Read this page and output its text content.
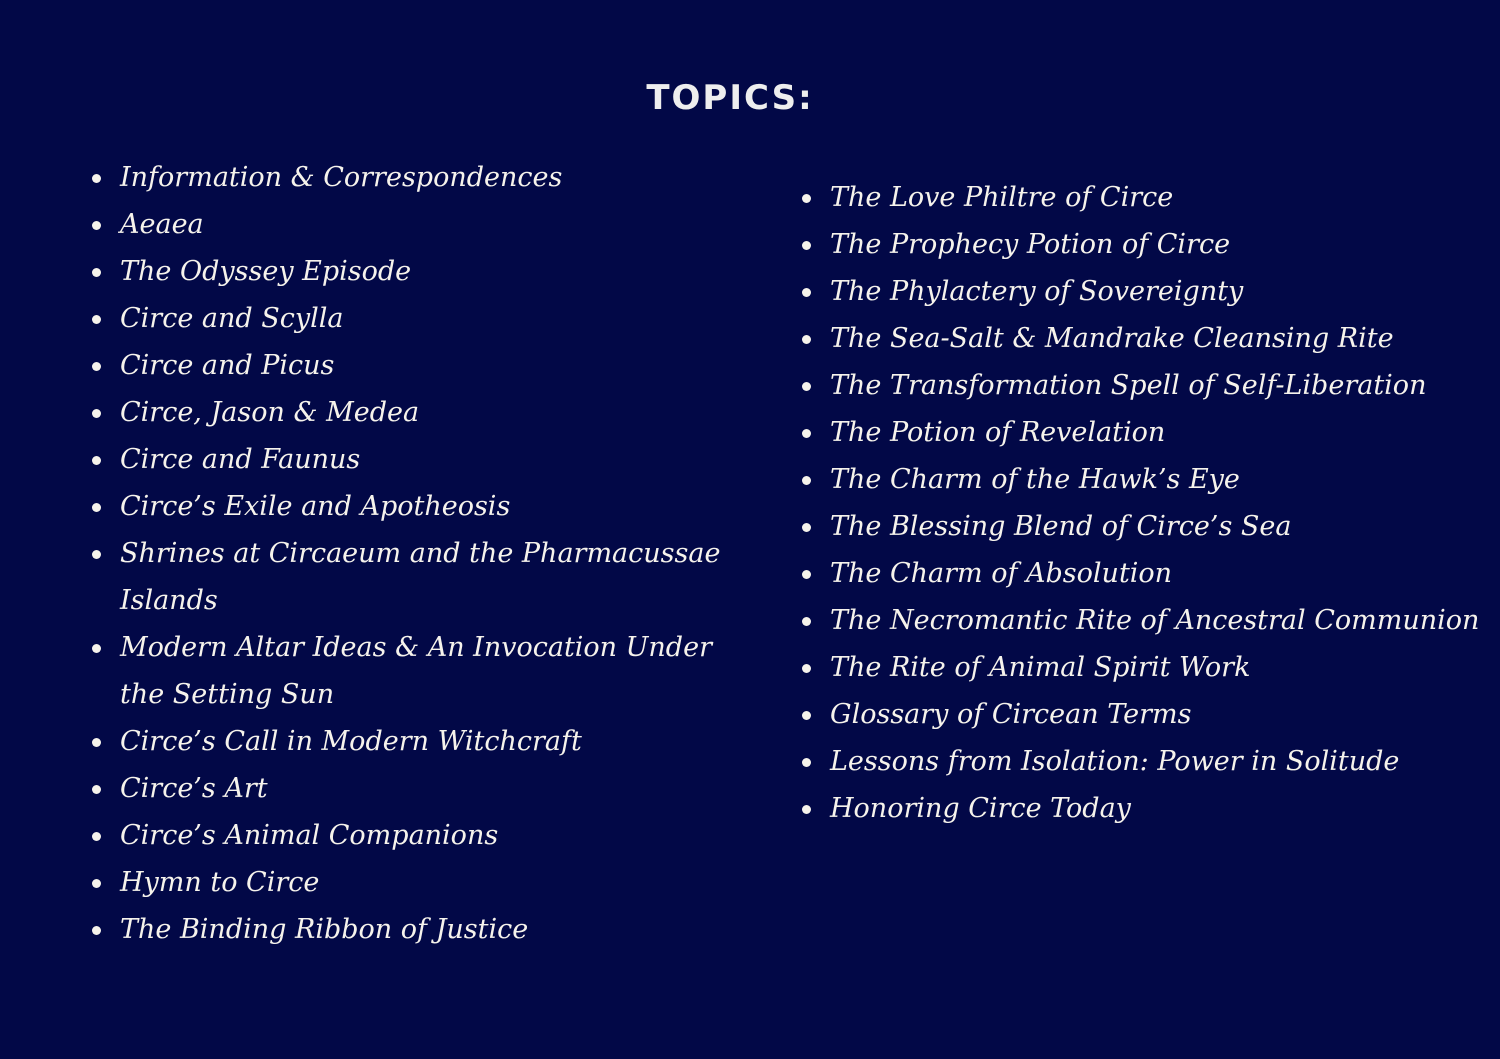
TOPICS:
Information & Correspondences
Aeaea
The Odyssey Episode
Circe and Scylla
Circe and Picus
Circe, Jason & Medea
Circe and Faunus
Circe’s Exile and Apotheosis
Shrines at Circaeum and the Pharmacussae Islands
Modern Altar Ideas & An Invocation Under the Setting Sun
Circe’s Call in Modern Witchcraft
Circe’s Art
Circe’s Animal Companions
Hymn to Circe
The Binding Ribbon of Justice
The Love Philtre of Circe
The Prophecy Potion of Circe
The Phylactery of Sovereignty
The Sea-Salt & Mandrake Cleansing Rite
The Transformation Spell of Self-Liberation
The Potion of Revelation
The Charm of the Hawk’s Eye
The Blessing Blend of Circe’s Sea
The Charm of Absolution
The Necromantic Rite of Ancestral Communion
The Rite of Animal Spirit Work
Glossary of Circean Terms
Lessons from Isolation: Power in Solitude
Honoring Circe Today
